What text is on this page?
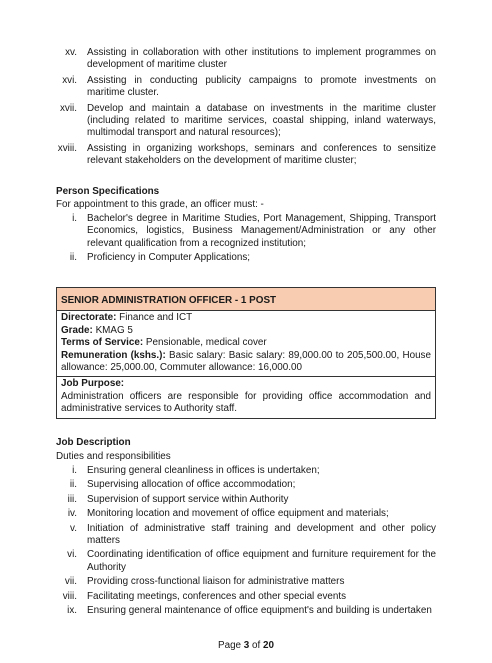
xv.	Assisting in collaboration with other institutions to implement programmes on development of maritime cluster
xvi.	Assisting in conducting publicity campaigns to promote investments on maritime cluster.
xvii.	Develop and maintain a database on investments in the maritime cluster (including related to maritime services, coastal shipping, inland waterways, multimodal transport and natural resources);
xviii.	Assisting in organizing workshops, seminars and conferences to sensitize relevant stakeholders on the development of maritime cluster;
Person Specifications
For appointment to this grade, an officer must: -
i.	Bachelor's degree in Maritime Studies, Port Management, Shipping, Transport Economics, logistics, Business Management/Administration or any other relevant qualification from a recognized institution;
ii.	Proficiency in Computer Applications;
SENIOR ADMINISTRATION OFFICER - 1 POST

Directorate: Finance and ICT

Grade: KMAG 5

Terms of Service: Pensionable, medical cover

Remuneration (kshs.): Basic salary: Basic salary: 89,000.00 to 205,500.00, House allowance: 25,000.00, Commuter allowance: 16,000.00

Job Purpose:

Administration officers are responsible for providing office accommodation and administrative services to Authority staff.

Job Description
Duties and responsibilities
i.	Ensuring general cleanliness in offices is undertaken;
ii.	Supervising allocation of office accommodation;
iii.	Supervision of support service within Authority
iv.	Monitoring location and movement of office equipment and materials;
v.	Initiation of administrative staff training and development and other policy matters
vi.	Coordinating identification of office equipment and furniture requirement for the Authority
vii.	Providing cross-functional liaison for administrative matters
viii.	Facilitating meetings, conferences and other special events
ix.	Ensuring general maintenance of office equipment's and building is undertaken
Page 3 of 20
